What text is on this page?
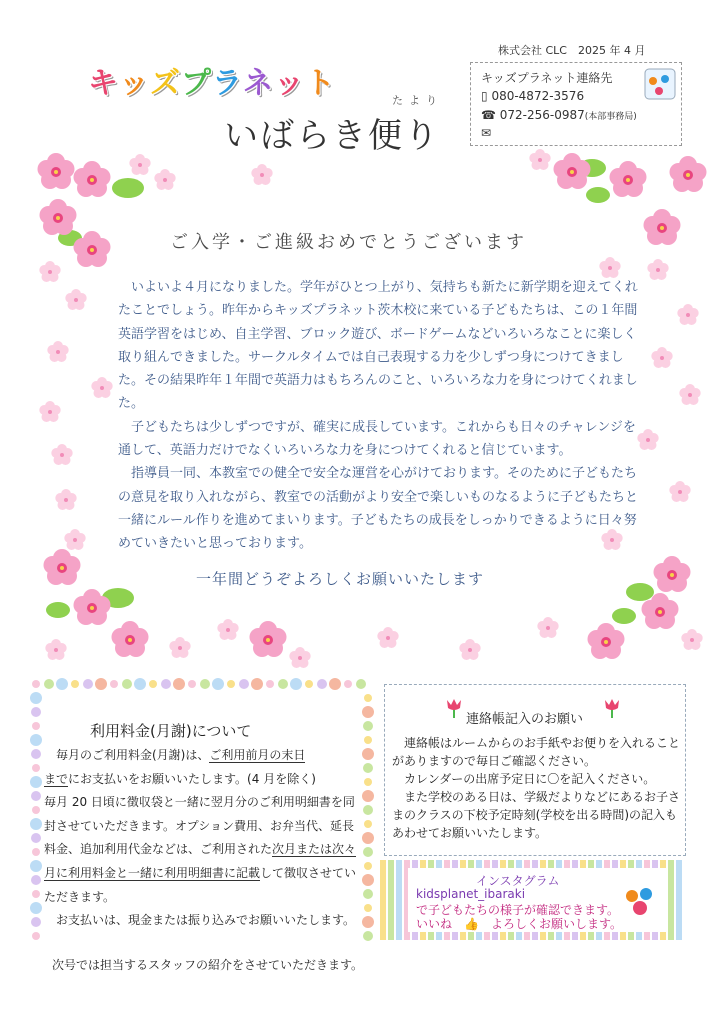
キッズプラネット	たより
いばらき便り
株式会社 CLC　2025 年 4 月
キッズプラネット連絡先
▯ 080-4872-3576
☎ 072-256-0987(本部事務局)
✉
ご入学・ご進級おめでとうございます

　いよいよ４月になりました。学年がひとつ上がり、気持ちも新たに新学期を迎えてくれたことでしょう。昨年からキッズプラネット茨木校に来ている子どもたちは、この１年間英語学習をはじめ、自主学習、ブロック遊び、ボードゲームなどいろいろなことに楽しく取り組んできました。サークルタイムでは自己表現する力を少しずつ身につけてきました。その結果昨年１年間で英語力はもちろんのこと、いろいろな力を身につけてくれました。

　子どもたちは少しずつですが、確実に成長しています。これからも日々のチャレンジを通して、英語力だけでなくいろいろな力を身につけてくれると信じています。

　指導員一同、本教室での健全で安全な運営を心がけております。そのために子どもたちの意見を取り入れながら、教室での活動がより安全で楽しいものなるように子どもたちと一緒にルール作りを進めてまいります。子どもたちの成長をしっかりできるように日々努めていきたいと思っております。

一年間どうぞよろしくお願いいたします
利用料金(月謝)について

　毎月のご利用料金(月謝)は、ご利用前月の末日
までにお支払いをお願いいたします。(4 月を除く)

毎月 20 日頃に徴収袋と一緒に翌月分のご利用明細書を同封させていただきます。オプション費用、お弁当代、延長料金、追加利用代金などは、ご利用された次月または次々月に利用料金と一緒に利用明細書に記載して徴収させていただきます。

　お支払いは、現金または振り込みでお願いいたします。

連絡帳記入のお願い

　連絡帳はルームからのお手紙やお便りを入れることがありますので毎日ご確認ください。

　カレンダーの出席予定日に〇を記入ください。

　また学校のある日は、学級だよりなどにあるお子さまのクラスの下校予定時刻(学校を出る時間)の記入もあわせてお願いいたします。

インスタグラム
kidsplanet_ibaraki
で子どもたちの様子が確認できます。
いいね　👍　よろしくお願いします。
次号では担当するスタッフの紹介をさせていただきます。
